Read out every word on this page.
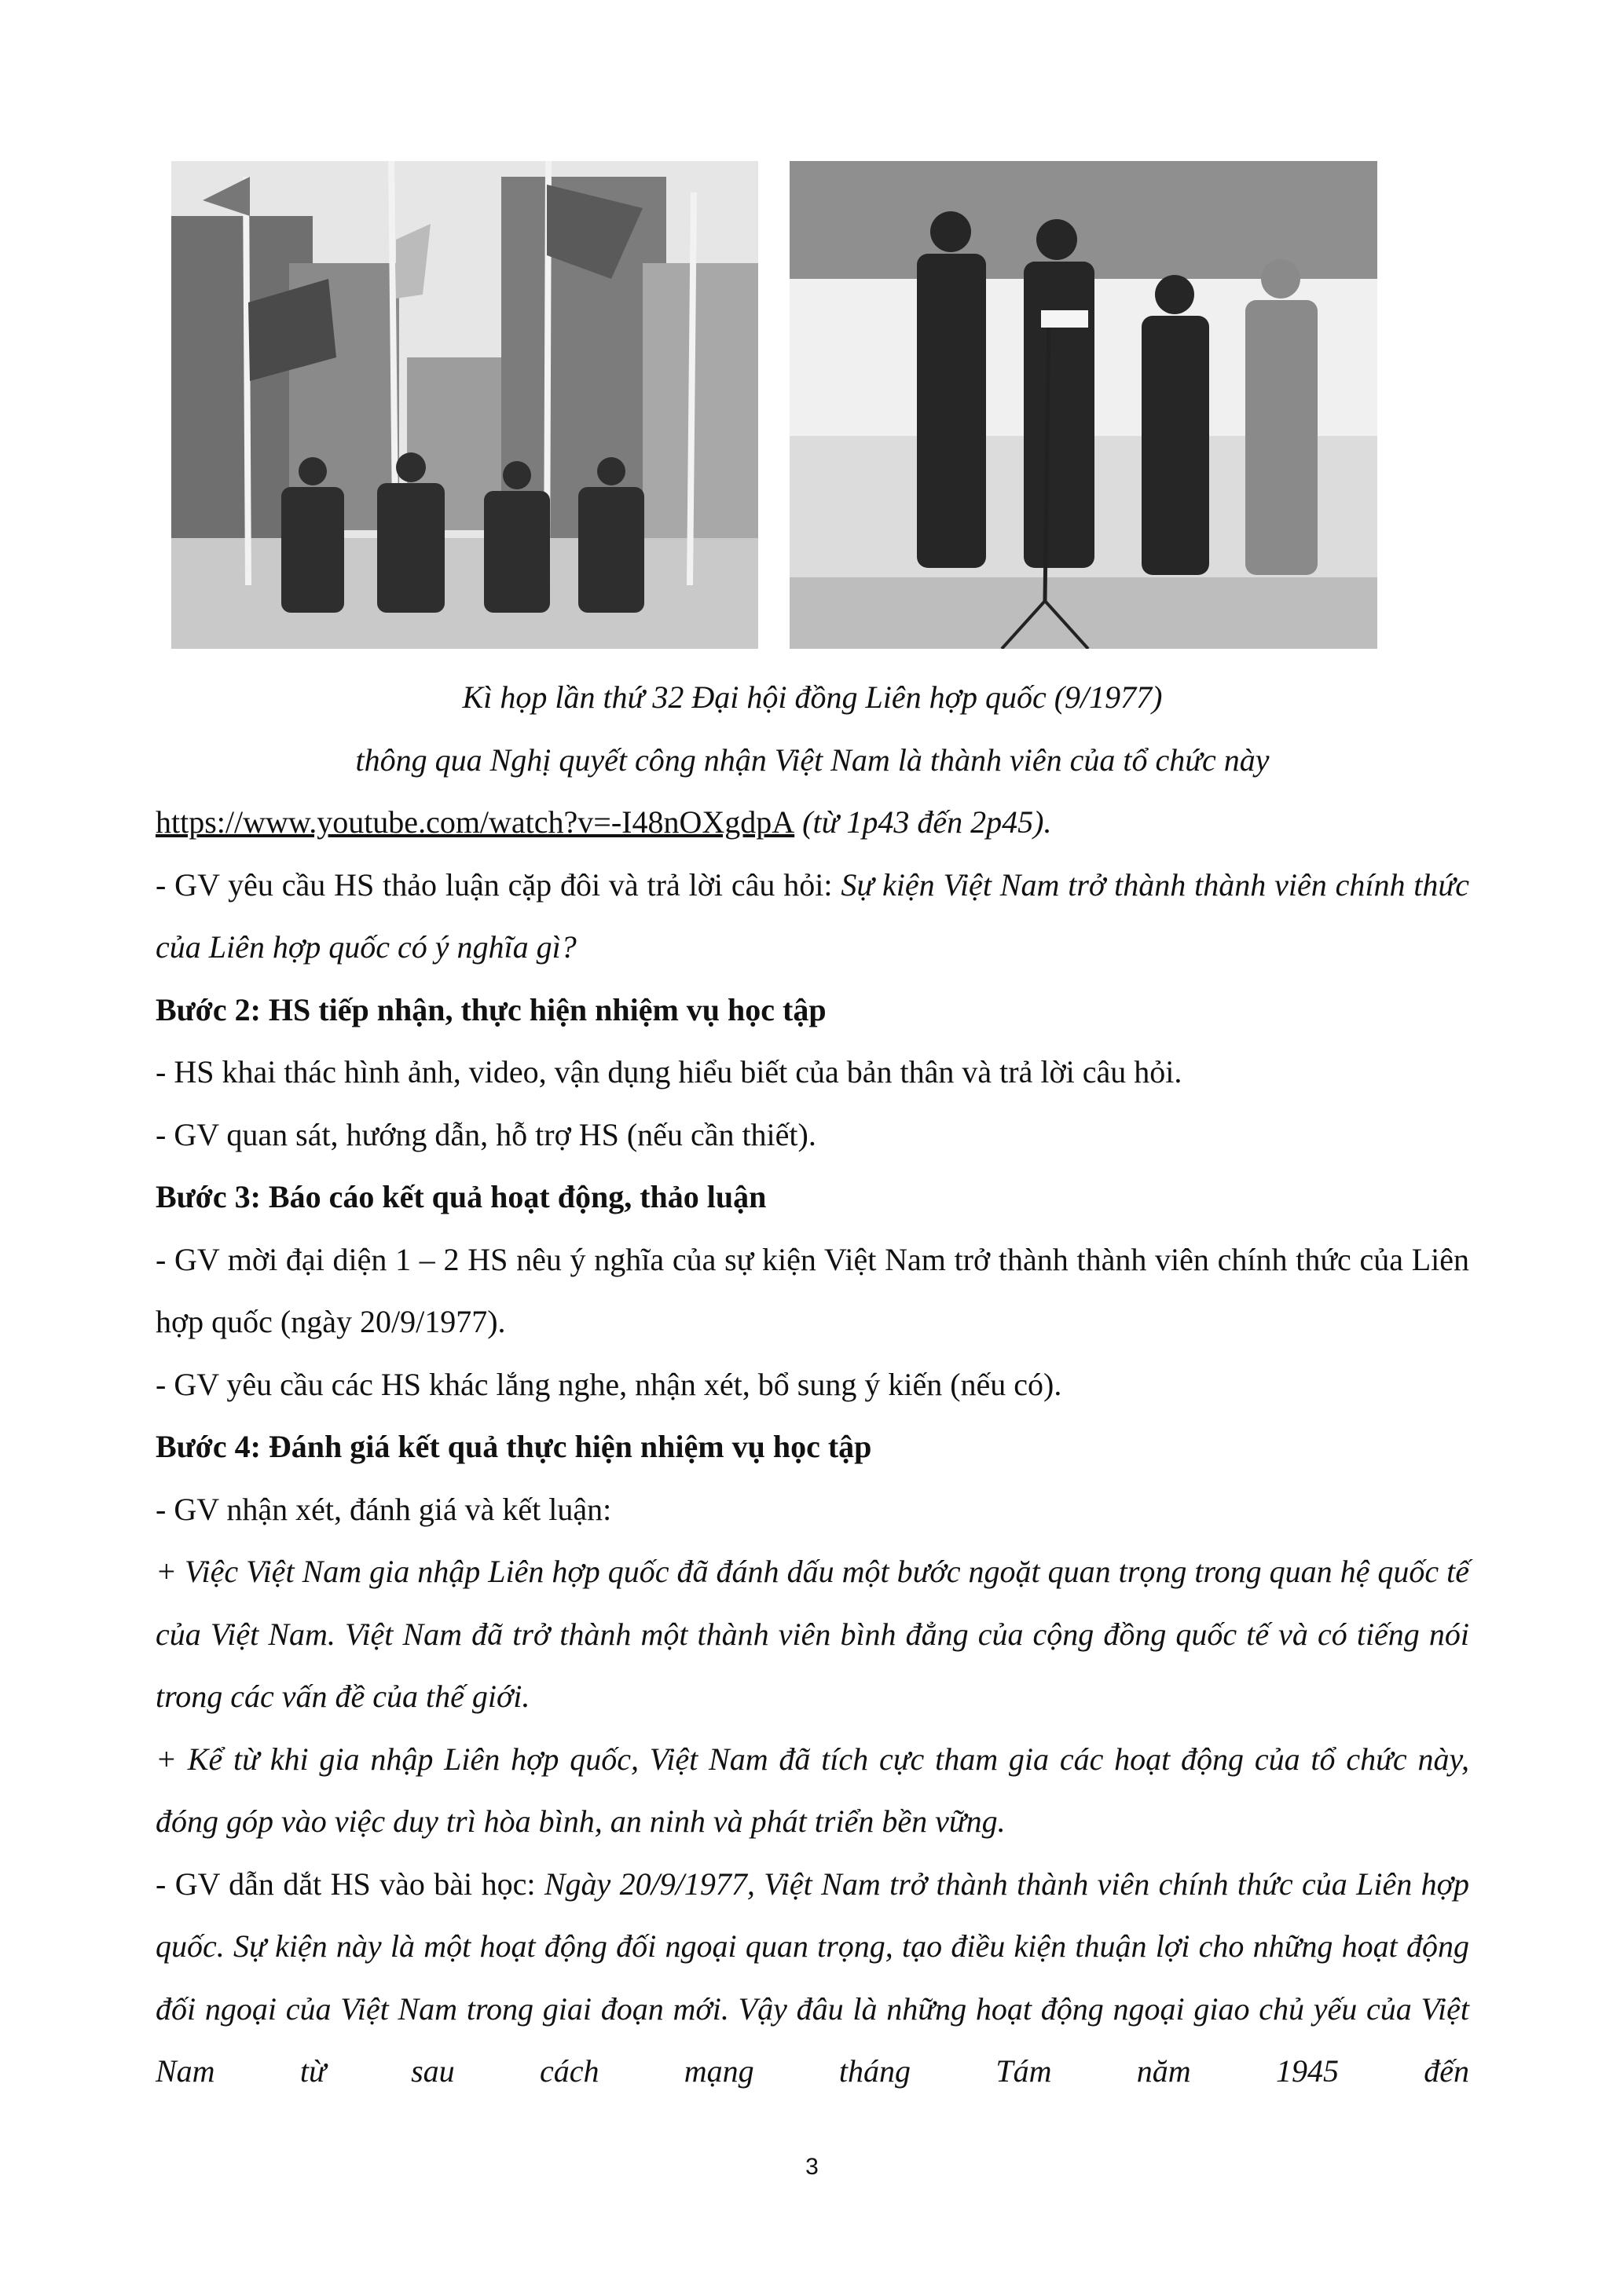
Kì họp lần thứ 32 Đại hội đồng Liên hợp quốc (9/1977)

thông qua Nghị quyết công nhận Việt Nam là thành viên của tổ chức này

https://www.youtube.com/watch?v=-I48nOXgdpA (từ 1p43 đến 2p45).

- GV yêu cầu HS thảo luận cặp đôi và trả lời câu hỏi: Sự kiện Việt Nam trở thành thành viên chính thức của Liên hợp quốc có ý nghĩa gì?

Bước 2: HS tiếp nhận, thực hiện nhiệm vụ học tập

- HS khai thác hình ảnh, video, vận dụng hiểu biết của bản thân và trả lời câu hỏi.

- GV quan sát, hướng dẫn, hỗ trợ HS (nếu cần thiết).

Bước 3: Báo cáo kết quả hoạt động, thảo luận

- GV mời đại diện 1 – 2 HS nêu ý nghĩa của sự kiện Việt Nam trở thành thành viên chính thức của Liên hợp quốc (ngày 20/9/1977).

- GV yêu cầu các HS khác lắng nghe, nhận xét, bổ sung ý kiến (nếu có).

Bước 4: Đánh giá kết quả thực hiện nhiệm vụ học tập

- GV nhận xét, đánh giá và kết luận:

+ Việc Việt Nam gia nhập Liên hợp quốc đã đánh dấu một bước ngoặt quan trọng trong quan hệ quốc tế của Việt Nam. Việt Nam đã trở thành một thành viên bình đẳng của cộng đồng quốc tế và có tiếng nói trong các vấn đề của thế giới.

+ Kể từ khi gia nhập Liên hợp quốc, Việt Nam đã tích cực tham gia các hoạt động của tổ chức này, đóng góp vào việc duy trì hòa bình, an ninh và phát triển bền vững.

- GV dẫn dắt HS vào bài học: Ngày 20/9/1977, Việt Nam trở thành thành viên chính thức của Liên hợp quốc. Sự kiện này là một hoạt động đối ngoại quan trọng, tạo điều kiện thuận lợi cho những hoạt động đối ngoại của Việt Nam trong giai đoạn mới. Vậy đâu là những hoạt động ngoại giao chủ yếu của Việt Nam từ sau cách mạng tháng Tám năm 1945 đến

3
